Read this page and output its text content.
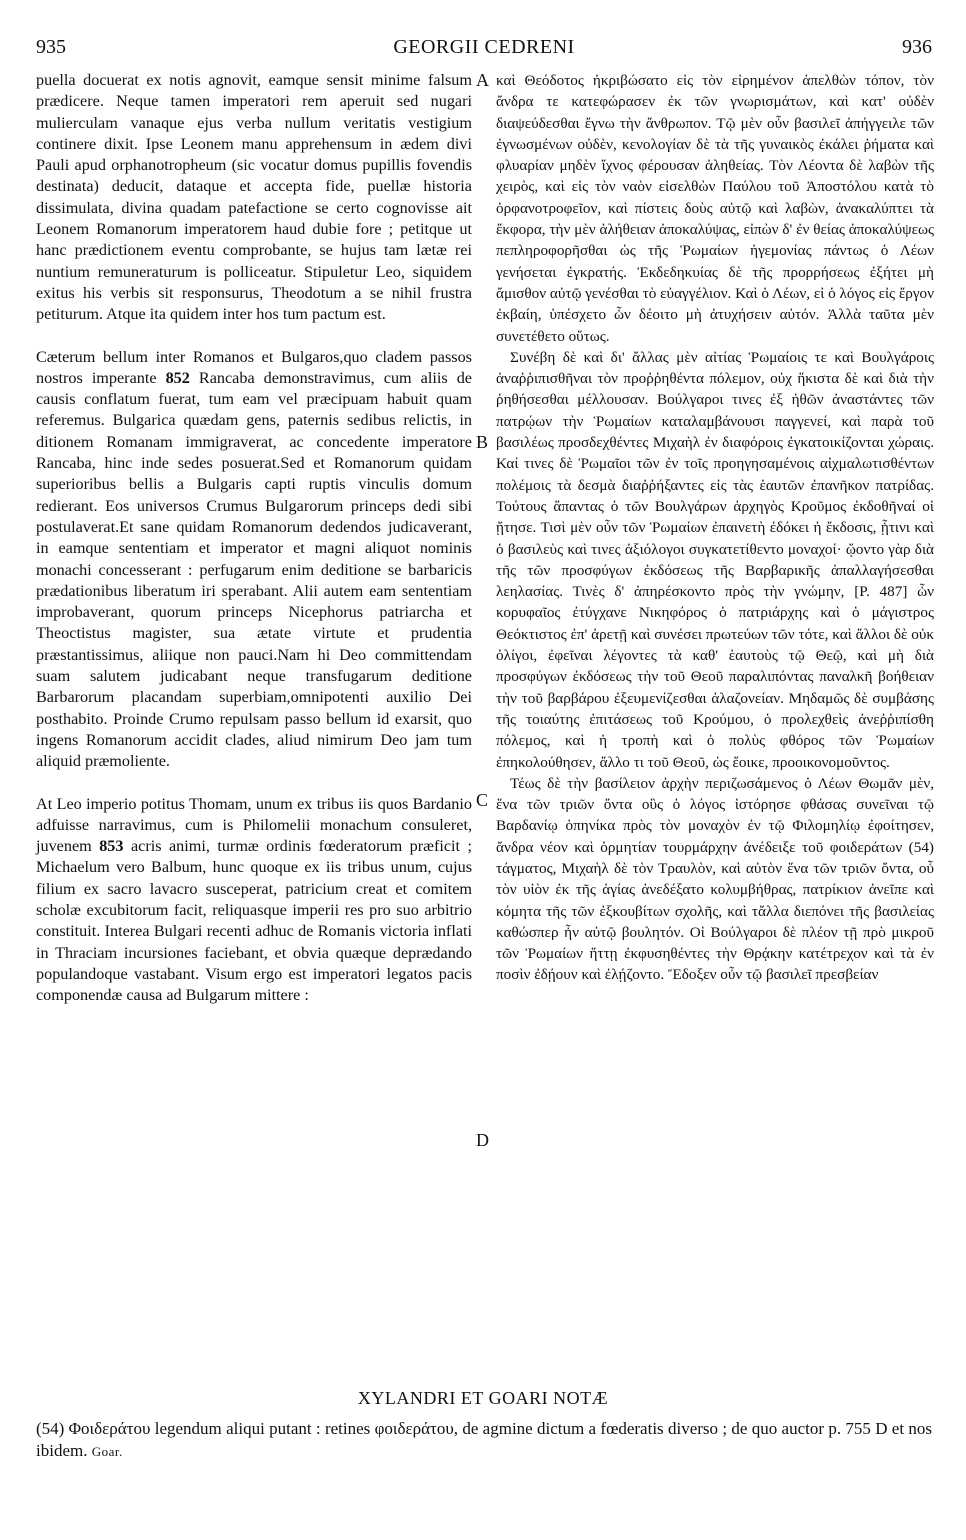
935	GEORGII CEDRENI	936

puella docuerat ex notis agnovit, eamque sensit minime falsum prædicere. Neque tamen imperatori rem aperuit sed nugari mulierculam vanaque ejus verba nullum veritatis vestigium continere dixit. Ipse Leonem manu apprehensum in ædem divi Pauli apud orphanotropheum (sic vocatur domus pupillis fovendis destinata) deducit, dataque et accepta fide, puellæ historia dissimulata, divina quadam patefactione se certo cognovisse ait Leonem Romanorum imperatorem haud dubie fore ; petitque ut hanc prædictionem eventu comprobante, se hujus tam lætæ rei nuntium remuneraturum is polliceatur. Stipuletur Leo, siquidem exitus his verbis sit responsurus, Theodotum a se nihil frustra petiturum. Atque ita quidem inter hos tum pactum est.

Cæterum bellum inter Romanos et Bulgaros,quo cladem passos nostros imperante 852 Rancaba demonstravimus, cum aliis de causis conflatum fuerat, tum eam vel præcipuam habuit quam referemus. Bulgarica quædam gens, paternis sedibus relictis, in ditionem Romanam immigraverat, ac concedente imperatore Rancaba, hinc inde sedes posuerat.Sed et Romanorum quidam superioribus bellis a Bulgaris capti ruptis vinculis domum redierant. Eos universos Crumus Bulgarorum princeps dedi sibi postulaverat.Et sane quidam Romanorum dedendos judicaverant, in eamque sententiam et imperator et magni aliquot nominis monachi concesserant : perfugarum enim deditione se barbaricis prædationibus liberatum iri sperabant. Alii autem eam sententiam improbaverant, quorum princeps Nicephorus patriarcha et Theoctistus magister, sua ætate virtute et prudentia præstantissimus, aliique non pauci.Nam hi Deo committendam suam salutem judicabant neque transfugarum deditione Barbarorum placandam superbiam,omnipotenti auxilio Dei posthabito. Proinde Crumo repulsam passo bellum id exarsit, quo ingens Romanorum accidit clades, aliud nimirum Deo jam tum aliquid præmoliente.

At Leo imperio potitus Thomam, unum ex tribus iis quos Bardanio adfuisse narravimus, cum is Philomelii monachum consuleret, juvenem 853 acris animi, turmæ ordinis fœderatorum præficit ; Michaelum vero Balbum, hunc quoque ex iis tribus unum, cujus filium ex sacro lavacro susceperat, patricium creat et comitem scholæ excubitorum facit, reliquasque imperii res pro suo arbitrio constituit. Interea Bulgari recenti adhuc de Romanis victoria inflati in Thraciam incursiones faciebant, et obvia quæque deprædando populandoque vastabant. Visum ergo est imperatori legatos pacis componendæ causa ad Bulgarum mittere :

A
B
C
D

καὶ Θεόδοτος ἠκριβώσατο εἰς τὸν εἰρημένον ἀπελθὼν τόπον, τὸν ἄνδρα τε κατεφώρασεν ἐκ τῶν γνωρισμάτων, καὶ κατ' οὐδὲν διαψεύδεσθαι ἔγνω τὴν ἄνθρωπον. Τῷ μὲν οὖν βασιλεῖ ἀπήγγειλε τῶν ἐγνωσμένων οὐδὲν, κενολογίαν δὲ τὰ τῆς γυναικὸς ἐκάλει ῥήματα καὶ φλυαρίαν μηδὲν ἴχνος φέρουσαν ἀληθείας. Τὸν Λέοντα δὲ λαβὼν τῆς χειρὸς, καὶ εἰς τὸν ναὸν εἰσελθὼν Παύλου τοῦ Ἀποστόλου κατὰ τὸ ὀρφανοτροφεῖον, καὶ πίστεις δοὺς αὐτῷ καὶ λαβὼν, ἀνακαλύπτει τὰ ἔκφορα, τὴν μὲν ἀλήθειαν ἀποκαλύψας, εἰπὼν δ' ἐν θείας ἀποκαλύψεως πεπληροφορῆσθαι ὡς τῆς Ῥωμαίων ἡγεμονίας πάντως ὁ Λέων γενήσεται ἐγκρατής. Ἐκδεδηκυίας δὲ τῆς προρρήσεως ἐξήτει μὴ ἄμισθον αὐτῷ γενέσθαι τὸ εὐαγγέλιον. Καὶ ὁ Λέων, εἰ ὁ λόγος εἰς ἔργον ἐκβαίη, ὑπέσχετο ὧν δέοιτο μὴ ἀτυχήσειν αὐτόν. Ἀλλὰ ταῦτα μὲν συνετέθετο οὕτως.

Συνέβη δὲ καὶ δι' ἄλλας μὲν αἰτίας Ῥωμαίοις τε καὶ Βουλγάροις ἀναῤῥιπισθῆναι τὸν προῤῥηθέντα πόλεμον, οὐχ ἥκιστα δὲ καὶ διὰ τὴν ῥηθήσεσθαι μέλλουσαν. Βούλγαροι τινες ἐξ ἠθῶν ἀναστάντες τῶν πατρῴων τὴν Ῥωμαίων καταλαμβάνουσι παγγενεί, καὶ παρὰ τοῦ βασιλέως προσδεχθέντες Μιχαὴλ ἐν διαφόροις ἐγκατοικίζονται χώραις. Καί τινες δὲ Ῥωμαῖοι τῶν ἐν τοῖς προηγησαμένοις αἰχμαλωτισθέντων πολέμοις τὰ δεσμὰ διαῤῥήξαντες εἰς τὰς ἑαυτῶν ἐπανῆκον πατρίδας. Τούτους ἅπαντας ὁ τῶν Βουλγάρων ἀρχηγὸς Κροῦμος ἐκδοθῆναί οἱ ᾔτησε. Τισὶ μὲν οὖν τῶν Ῥωμαίων ἐπαινετὴ ἐδόκει ἡ ἔκδοσις, ᾗτινι καὶ ὁ βασιλεὺς καὶ τινες ἀξιόλογοι συγκατετίθεντο μοναχοί· ᾤοντο γὰρ διὰ τῆς τῶν προσφύγων ἐκδόσεως τῆς Βαρβαρικῆς ἀπαλλαγήσεσθαι λεηλασίας. Τινὲς δ' ἀπηρέσκοντο πρὸς τὴν γνώμην, [P. 487] ὧν κορυφαῖος ἐτύγχανε Νικηφόρος ὁ πατριάρχης καὶ ὁ μάγιστρος Θεόκτιστος ἐπ' ἀρετῇ καὶ συνέσει πρωτεύων τῶν τότε, καὶ ἄλλοι δὲ οὐκ ὀλίγοι, ἐφεῖναι λέγοντες τὰ καθ' ἑαυτοὺς τῷ Θεῷ, καὶ μὴ διὰ προσφύγων ἐκδόσεως τὴν τοῦ Θεοῦ παραλιπόντας παναλκῆ βοήθειαν τὴν τοῦ βαρβάρου ἐξευμενίζεσθαι ἀλαζονείαν. Μηδαμῶς δὲ συμβάσης τῆς τοιαύτης ἐπιτάσεως τοῦ Κρούμου, ὁ προλεχθεὶς ἀνεῤῥιπίσθη πόλεμος, καὶ ἡ τροπὴ καὶ ὁ πολὺς φθόρος τῶν Ῥωμαίων ἐπηκολούθησεν, ἄλλο τι τοῦ Θεοῦ, ὡς ἔοικε, προοικονομοῦντος.

Τέως δὲ τὴν βασίλειον ἀρχὴν περιζωσάμενος ὁ Λέων Θωμᾶν μὲν, ἕνα τῶν τριῶν ὄντα οὓς ὁ λόγος ἱστόρησε φθάσας συνεῖναι τῷ Βαρδανίῳ ὁπηνίκα πρὸς τὸν μοναχὸν ἐν τῷ Φιλομηλίῳ ἐφοίτησεν, ἄνδρα νέον καὶ ὁρμητίαν τουρμάρχην ἀνέδειξε τοῦ φοιδεράτων (54) τάγματος, Μιχαὴλ δὲ τὸν Τραυλὸν, καὶ αὐτὸν ἕνα τῶν τριῶν ὄντα, οὗ τὸν υἱὸν ἐκ τῆς ἁγίας ἀνεδέξατο κολυμβήθρας, πατρίκιον ἀνεῖπε καὶ κόμητα τῆς τῶν ἐξκουβίτων σχολῆς, καὶ τἄλλα διεπόνει τῆς βασιλείας καθώσπερ ἦν αὐτῷ βουλητόν. Οἱ Βούλγαροι δὲ πλέον τῇ πρὸ μικροῦ τῶν Ῥωμαίων ἥττῃ ἐκφυσηθέντες τὴν Θρᾴκην κατέτρεχον καὶ τὰ ἐν ποσὶν ἐδῄουν καὶ ἐλῄζοντο. Ἔδοξεν οὖν τῷ βασιλεῖ πρεσβείαν

XYLANDRI ET GOARI NOTÆ
(54) Φοιδεράτου legendum aliqui putant : retines φοιδεράτου, de agmine dictum a fœderatis diverso ; de quo auctor p. 755 D et nos ibidem. Goar.
